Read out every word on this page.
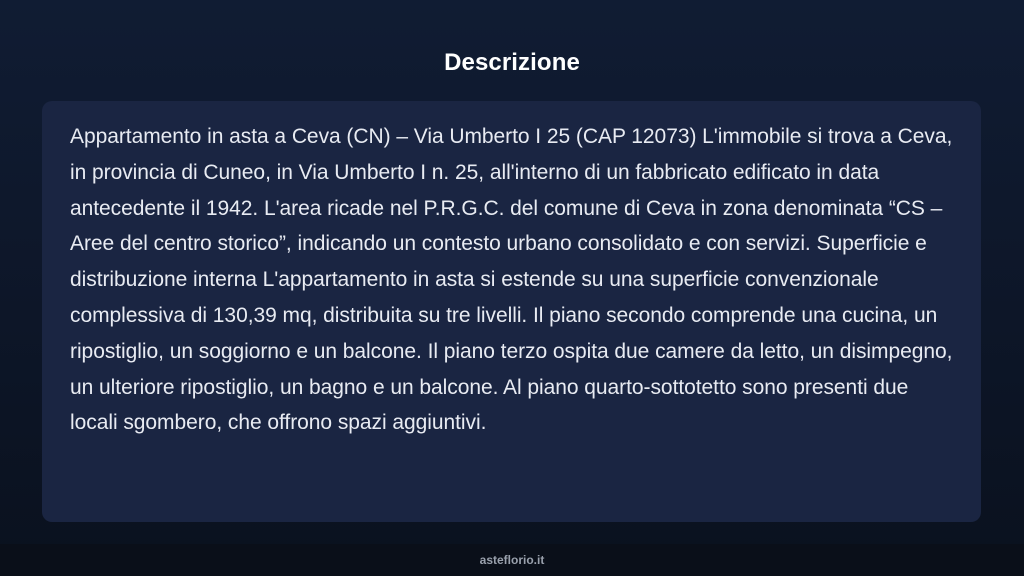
Descrizione

Appartamento in asta a Ceva (CN) – Via Umberto I 25 (CAP 12073) L'immobile si trova a Ceva, in provincia di Cuneo, in Via Umberto I n. 25, all'interno di un fabbricato edificato in data antecedente il 1942. L'area ricade nel P.R.G.C. del comune di Ceva in zona denominata “CS – Aree del centro storico”, indicando un contesto urbano consolidato e con servizi. Superficie e distribuzione interna L'appartamento in asta si estende su una superficie convenzionale complessiva di 130,39 mq, distribuita su tre livelli. Il piano secondo comprende una cucina, un ripostiglio, un soggiorno e un balcone. Il piano terzo ospita due camere da letto, un disimpegno, un ulteriore ripostiglio, un bagno e un balcone. Al piano quarto-sottotetto sono presenti due locali sgombero, che offrono spazi aggiuntivi.

asteflorio.it
